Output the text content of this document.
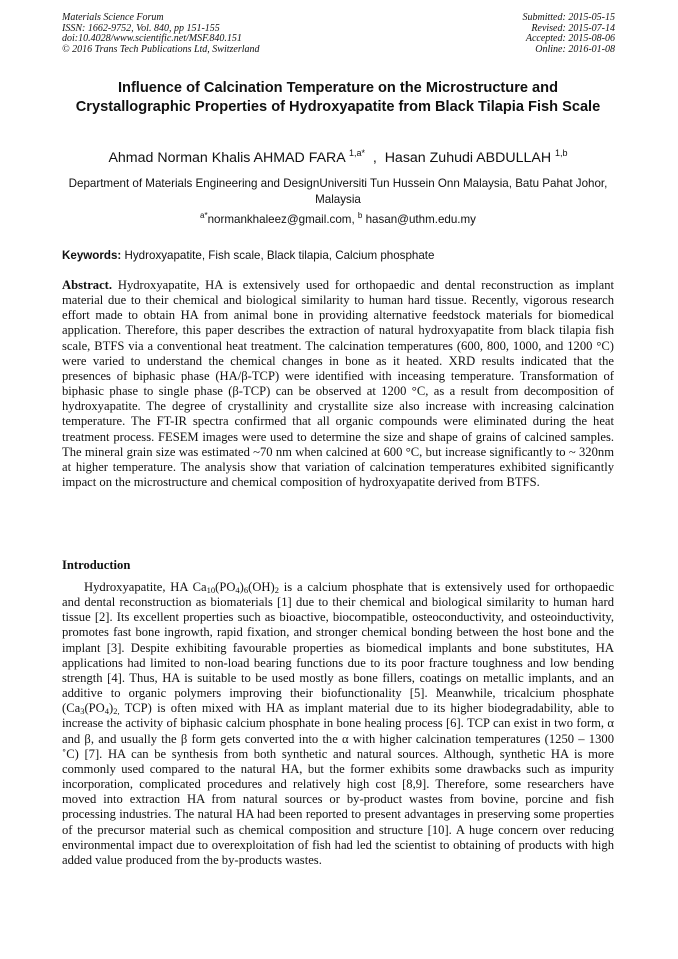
Materials Science Forum
ISSN: 1662-9752, Vol. 840, pp 151-155
doi:10.4028/www.scientific.net/MSF.840.151
© 2016 Trans Tech Publications Ltd, Switzerland
Submitted: 2015-05-15
Revised: 2015-07-14
Accepted: 2015-08-06
Online: 2016-01-08
Influence of Calcination Temperature on the Microstructure and Crystallographic Properties of Hydroxyapatite from Black Tilapia Fish Scale
Ahmad Norman Khalis AHMAD FARA $^{1,a*}$  ,  Hasan Zuhudi ABDULLAH $^{1,b}$
Department of Materials Engineering and DesignUniversiti Tun Hussein Onn Malaysia, Batu Pahat Johor, Malaysia
$^{a*}$normankhaleez@gmail.com, $^b$ hasan@uthm.edu.my
Keywords: Hydroxyapatite, Fish scale, Black tilapia, Calcium phosphate
Abstract. Hydroxyapatite, HA is extensively used for orthopaedic and dental reconstruction as implant material due to their chemical and biological similarity to human hard tissue. Recently, vigorous research effort made to obtain HA from animal bone in providing alternative feedstock materials for biomedical application. Therefore, this paper describes the extraction of natural hydroxyapatite from black tilapia fish scale, BTFS via a conventional heat treatment. The calcination temperatures (600, 800, 1000, and 1200 °C) were varied to understand the chemical changes in bone as it heated. XRD results indicated that the presences of biphasic phase (HA/β-TCP) were identified with inceasing temperature. Transformation of biphasic phase to single phase (β-TCP) can be observed at 1200 °C, as a result from decomposition of hydroxyapatite. The degree of crystallinity and crystallite size also increase with increasing calcination temperature. The FT-IR spectra confirmed that all organic compounds were eliminated during the heat treatment process. FESEM images were used to determine the size and shape of grains of calcined samples. The mineral grain size was estimated ~70 nm when calcined at 600 °C, but increase significantly to ~ 320nm at higher temperature. The analysis show that variation of calcination temperatures exhibited significantly impact on the microstructure and chemical composition of hydroxyapatite derived from BTFS.
Introduction
Hydroxyapatite, HA $Ca_{10}(PO_4)_6(OH)_2$ is a calcium phosphate that is extensively used for orthopaedic and dental reconstruction as biomaterials [1] due to their chemical and biological similarity to human hard tissue [2]. Its excellent properties such as bioactive, biocompatible, osteoconductivity, and osteoinductivity, promotes fast bone ingrowth, rapid fixation, and stronger chemical bonding between the host bone and the implant [3]. Despite exhibiting favourable properties as biomedical implants and bone substitutes, HA applications had limited to non-load bearing functions due to its poor fracture toughness and low bending strength [4]. Thus, HA is suitable to be used mostly as bone fillers, coatings on metallic implants, and an additive to organic polymers improving their biofunctionality [5]. Meanwhile, tricalcium phosphate ($Ca_3(PO_4)_{2,}$ TCP) is often mixed with HA as implant material due to its higher biodegradability, able to increase the activity of biphasic calcium phosphate in bone healing process [6]. TCP can exist in two form, α and β, and usually the β form gets converted into the α with higher calcination temperatures (1250 – 1300 ˚C) [7]. HA can be synthesis from both synthetic and natural sources. Although, synthetic HA is more commonly used compared to the natural HA, but the former exhibits some drawbacks such as impurity incorporation, complicated procedures and relatively high cost [8,9]. Therefore, some researchers have moved into extraction HA from natural sources or by-product wastes from bovine, porcine and fish processing industries. The natural HA had been reported to present advantages in preserving some properties of the precursor material such as chemical composition and structure [10]. A huge concern over reducing environmental impact due to overexploitation of fish had led the scientist to obtaining of products with high added value produced from the by-products wastes.
